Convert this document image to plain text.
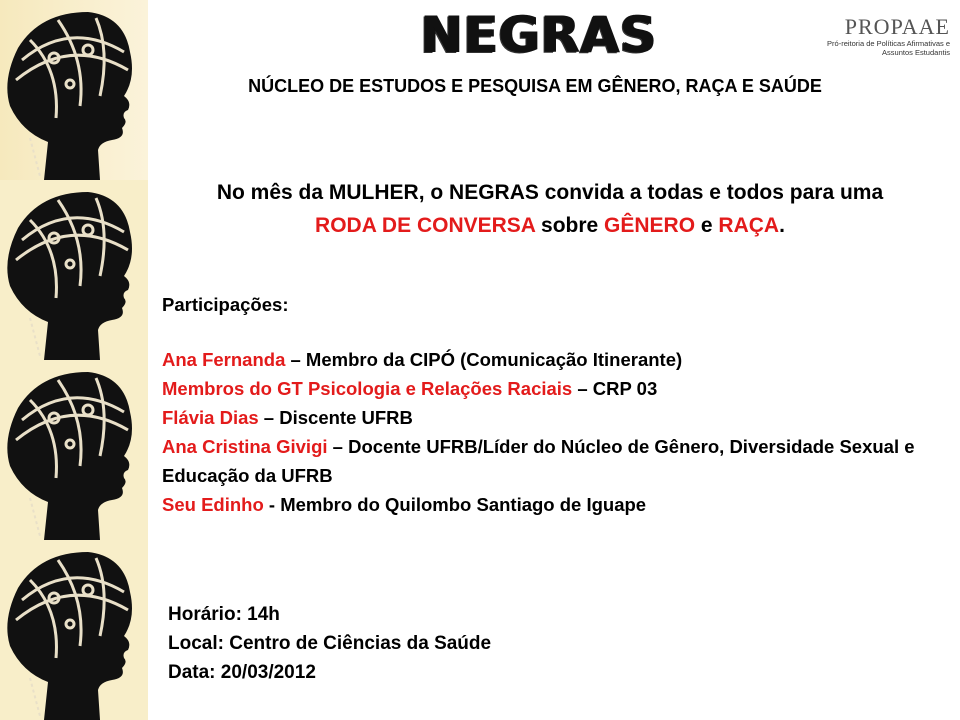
NEGRAS	PROPAAE
Pró-reitoria de Políticas Afirmativas e Assuntos Estudantis
NÚCLEO DE ESTUDOS E PESQUISA EM GÊNERO, RAÇA E SAÚDE
No mês da MULHER, o NEGRAS convida a todas e todos para uma
RODA DE CONVERSA sobre GÊNERO e RAÇA.
Participações:
Ana Fernanda – Membro da CIPÓ (Comunicação Itinerante)
Membros do GT Psicologia e Relações Raciais – CRP 03
Flávia Dias – Discente UFRB
Ana Cristina Givigi – Docente UFRB/Líder do Núcleo de Gênero, Diversidade Sexual e Educação da UFRB
Seu Edinho - Membro do Quilombo Santiago de Iguape
Horário: 14h
Local: Centro de Ciências da Saúde
Data: 20/03/2012
